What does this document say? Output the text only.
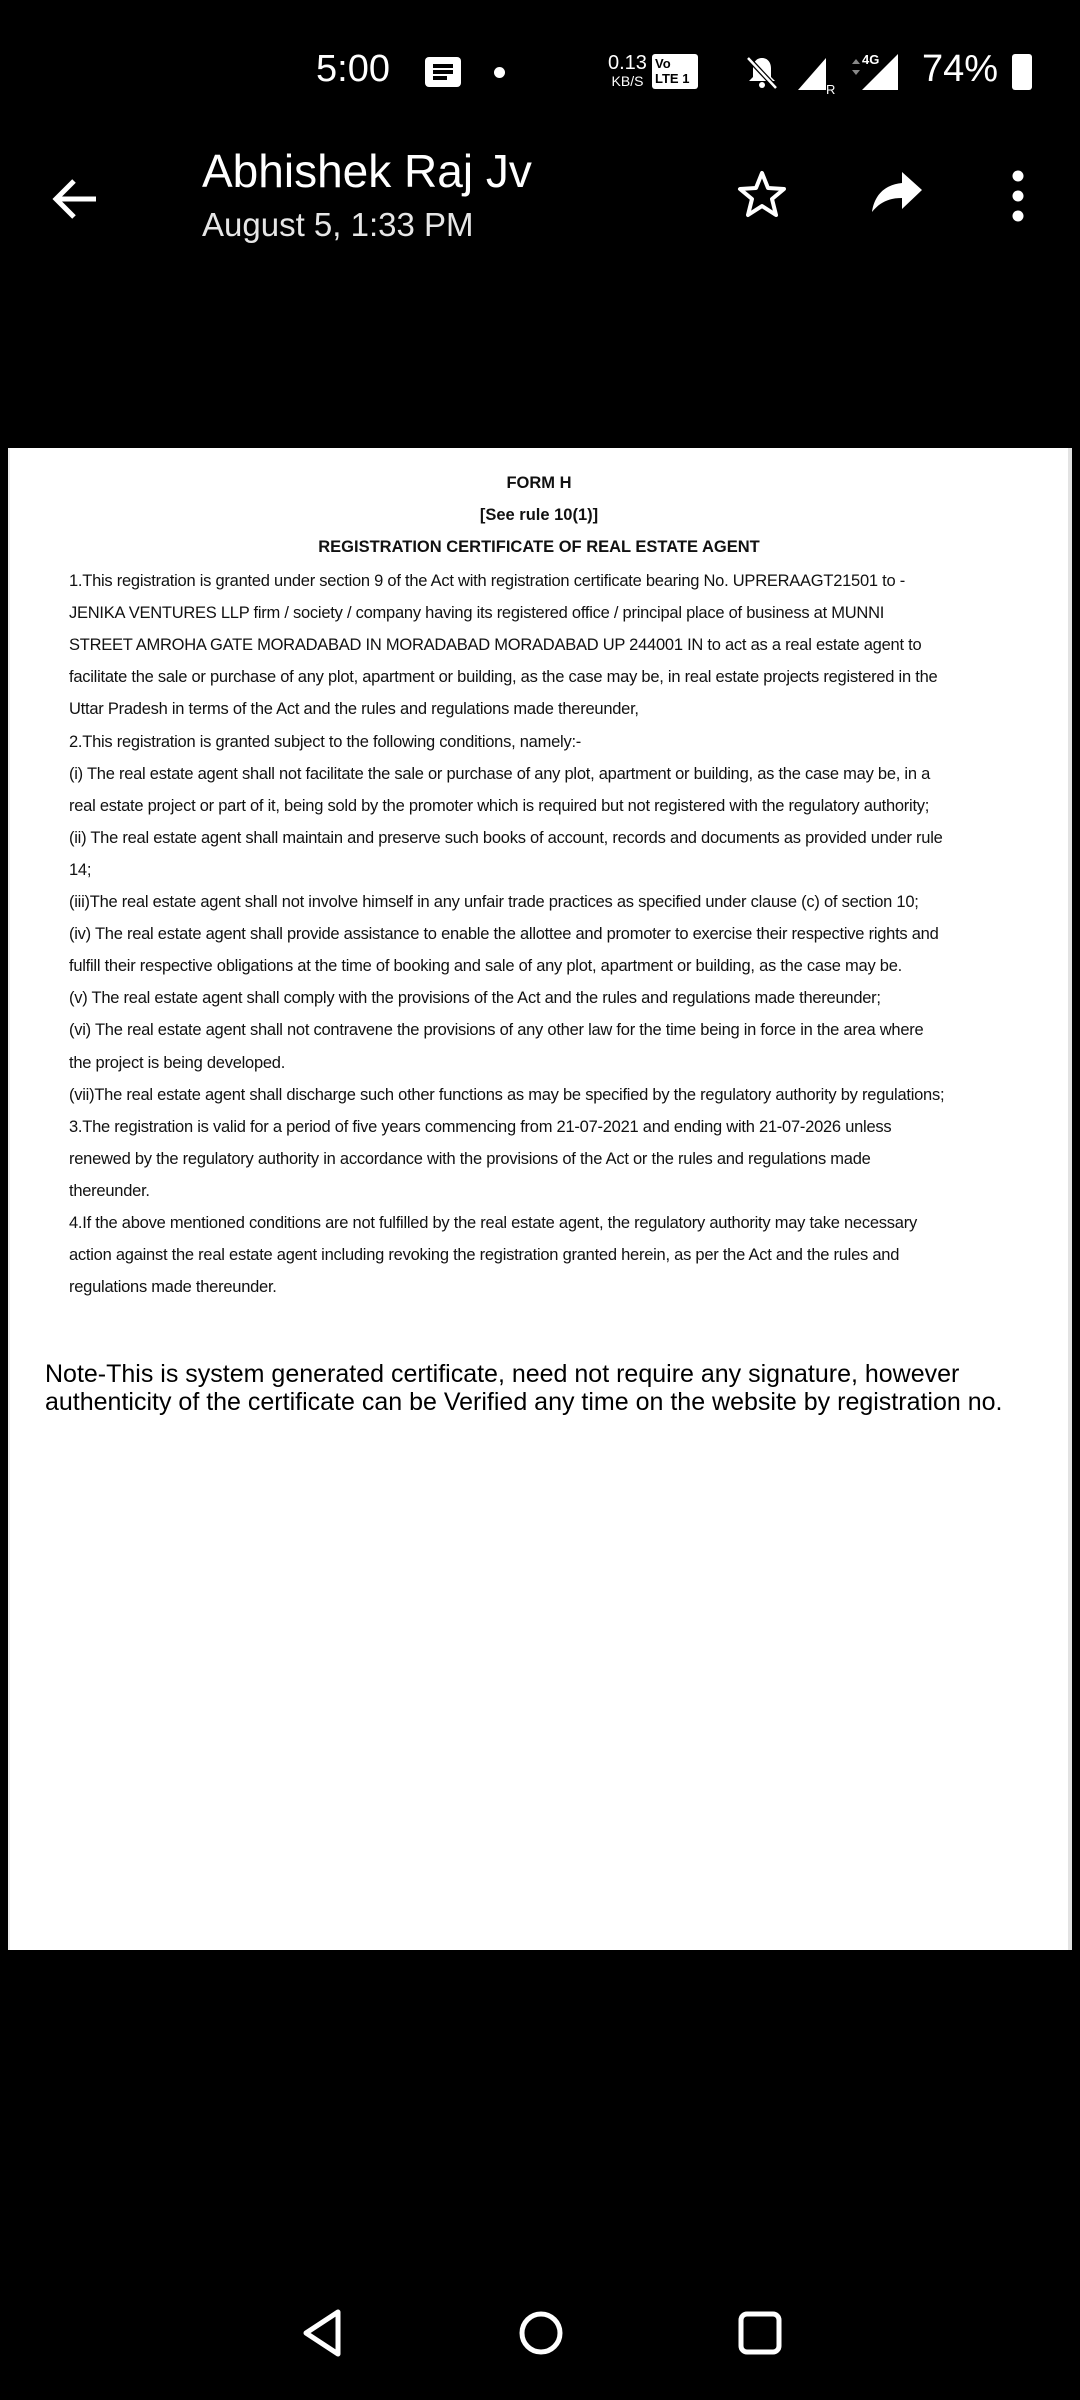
5:00	0.13
KB/S
Vo LTE 1
R
4G 74%
Abhishek Raj Jv
August 5, 1:33 PM
FORM H
[See rule 10(1)]
REGISTRATION CERTIFICATE OF REAL ESTATE AGENT
1.This registration is granted under section 9 of the Act with registration certificate bearing No. UPRERAAGT21501 to -
JENIKA VENTURES LLP firm / society / company having its registered office / principal place of business at MUNNI
STREET AMROHA GATE MORADABAD IN MORADABAD MORADABAD UP 244001 IN to act as a real estate agent to
facilitate the sale or purchase of any plot, apartment or building, as the case may be, in real estate projects registered in the
Uttar Pradesh in terms of the Act and the rules and regulations made thereunder,
2.This registration is granted subject to the following conditions, namely:-
(i) The real estate agent shall not facilitate the sale or purchase of any plot, apartment or building, as the case may be, in a
real estate project or part of it, being sold by the promoter which is required but not registered with the regulatory authority;
(ii) The real estate agent shall maintain and preserve such books of account, records and documents as provided under rule
14;
(iii)The real estate agent shall not involve himself in any unfair trade practices as specified under clause (c) of section 10;
(iv) The real estate agent shall provide assistance to enable the allottee and promoter to exercise their respective rights and
fulfill their respective obligations at the time of booking and sale of any plot, apartment or building, as the case may be.
(v) The real estate agent shall comply with the provisions of the Act and the rules and regulations made thereunder;
(vi) The real estate agent shall not contravene the provisions of any other law for the time being in force in the area where
the project is being developed.
(vii)The real estate agent shall discharge such other functions as may be specified by the regulatory authority by regulations;
3.The registration is valid for a period of five years commencing from 21-07-2021 and ending with 21-07-2026 unless
renewed by the regulatory authority in accordance with the provisions of the Act or the rules and regulations made
thereunder.
4.If the above mentioned conditions are not fulfilled by the real estate agent, the regulatory authority may take necessary
action against the real estate agent including revoking the registration granted herein, as per the Act and the rules and
regulations made thereunder.
Note-This is system generated certificate, need not require any signature, however authenticity of the certificate can be Verified any time on the website by registration no.
